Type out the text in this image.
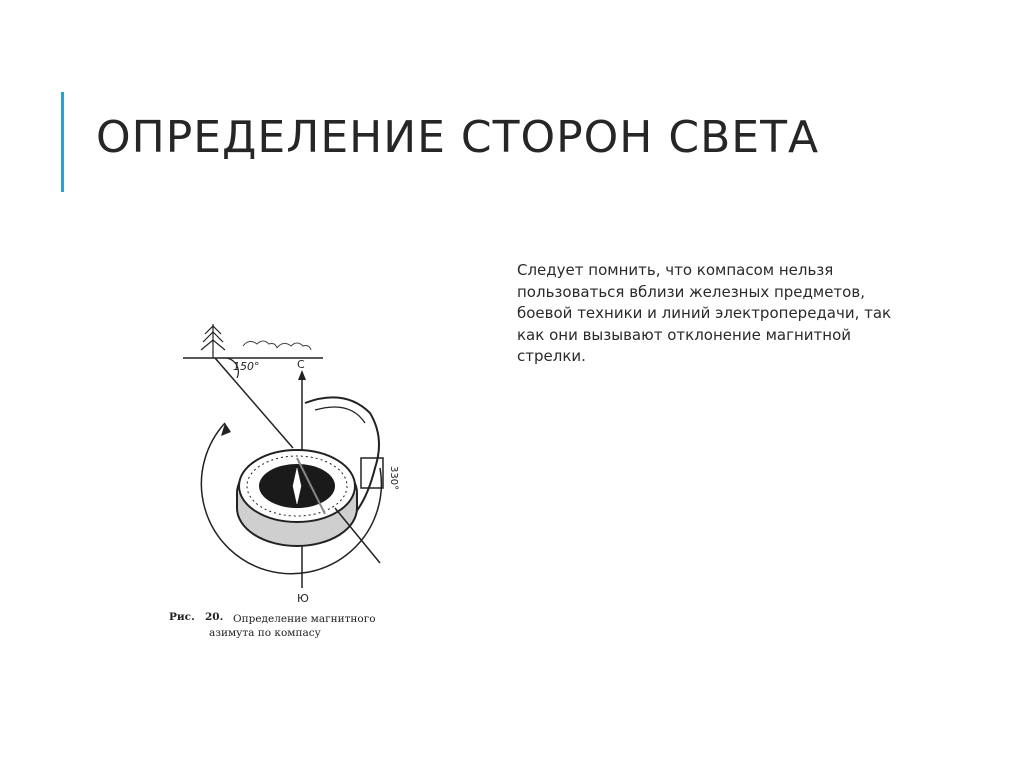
ОПРЕДЕЛЕНИЕ СТОРОН СВЕТА

Следует помнить, что компасом нельзя пользоваться вблизи железных предметов, боевой техники и линий электропередачи, так как они вызывают отклонение магнитной стрелки.

150°	С
Ю
330°
Рис. 20. Определение магнитного
азимута по компасу
